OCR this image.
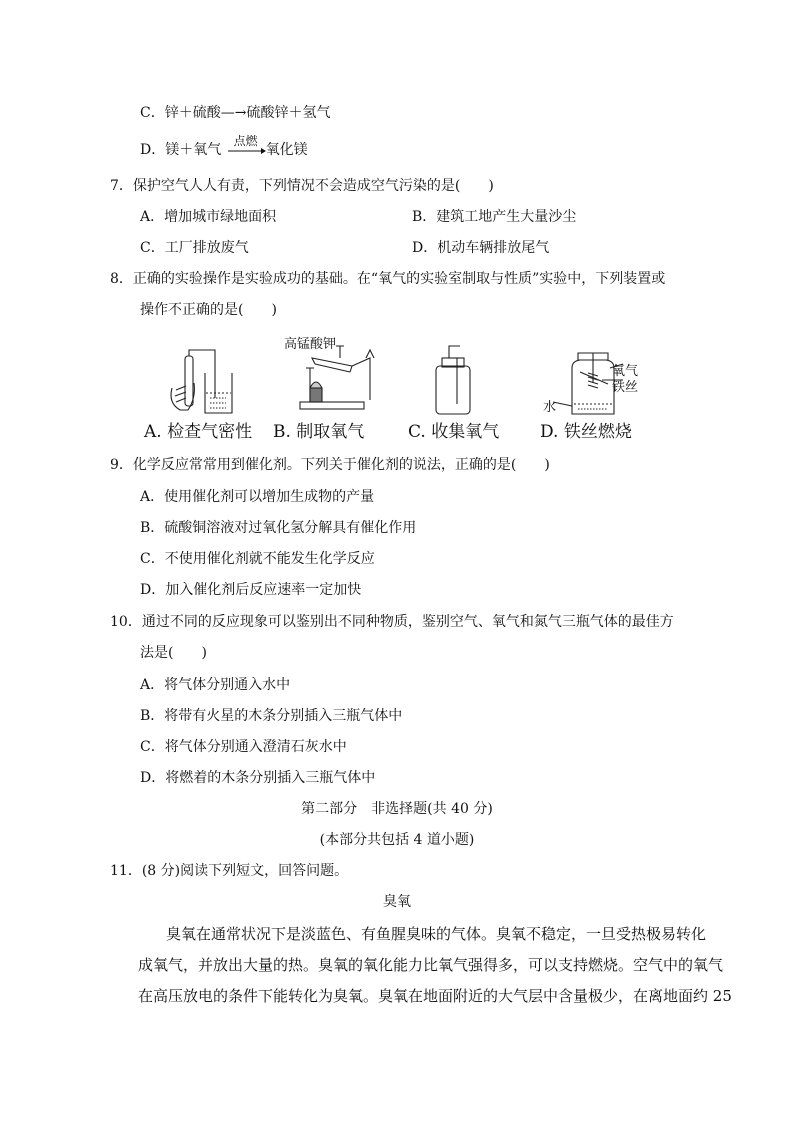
C．锌＋硫酸—→硫酸锌＋氢气
D．镁＋氧气
点燃
氧化镁
7．保护空气人人有责，下列情况不会造成空气污染的是(　　)
A．增加城市绿地面积	B．建筑工地产生大量沙尘
C．工厂排放废气	D．机动车辆排放尾气
8．正确的实验操作是实验成功的基础。在“氧气的实验室制取与性质”实验中，下列装置或
操作不正确的是(　　)
高锰酸钾
氧气
铁丝
水
A. 检查气密性 B. 制取氧气	C. 收集氧气 D. 铁丝燃烧
9．化学反应常常用到催化剂。下列关于催化剂的说法，正确的是(　　)
A．使用催化剂可以增加生成物的产量
B．硫酸铜溶液对过氧化氢分解具有催化作用
C．不使用催化剂就不能发生化学反应
D．加入催化剂后反应速率一定加快
10．通过不同的反应现象可以鉴别出不同种物质，鉴别空气、氧气和氮气三瓶气体的最佳方
法是(　　)
A．将气体分别通入水中
B．将带有火星的木条分别插入三瓶气体中
C．将气体分别通入澄清石灰水中
D．将燃着的木条分别插入三瓶气体中
第二部分　非选择题(共 40 分)
(本部分共包括 4 道小题)
11．(8 分)阅读下列短文，回答问题。
臭氧
臭氧在通常状况下是淡蓝色、有鱼腥臭味的气体。臭氧不稳定，一旦受热极易转化
成氧气，并放出大量的热。臭氧的氧化能力比氧气强得多，可以支持燃烧。空气中的氧气
在高压放电的条件下能转化为臭氧。臭氧在地面附近的大气层中含量极少，在离地面约 25
